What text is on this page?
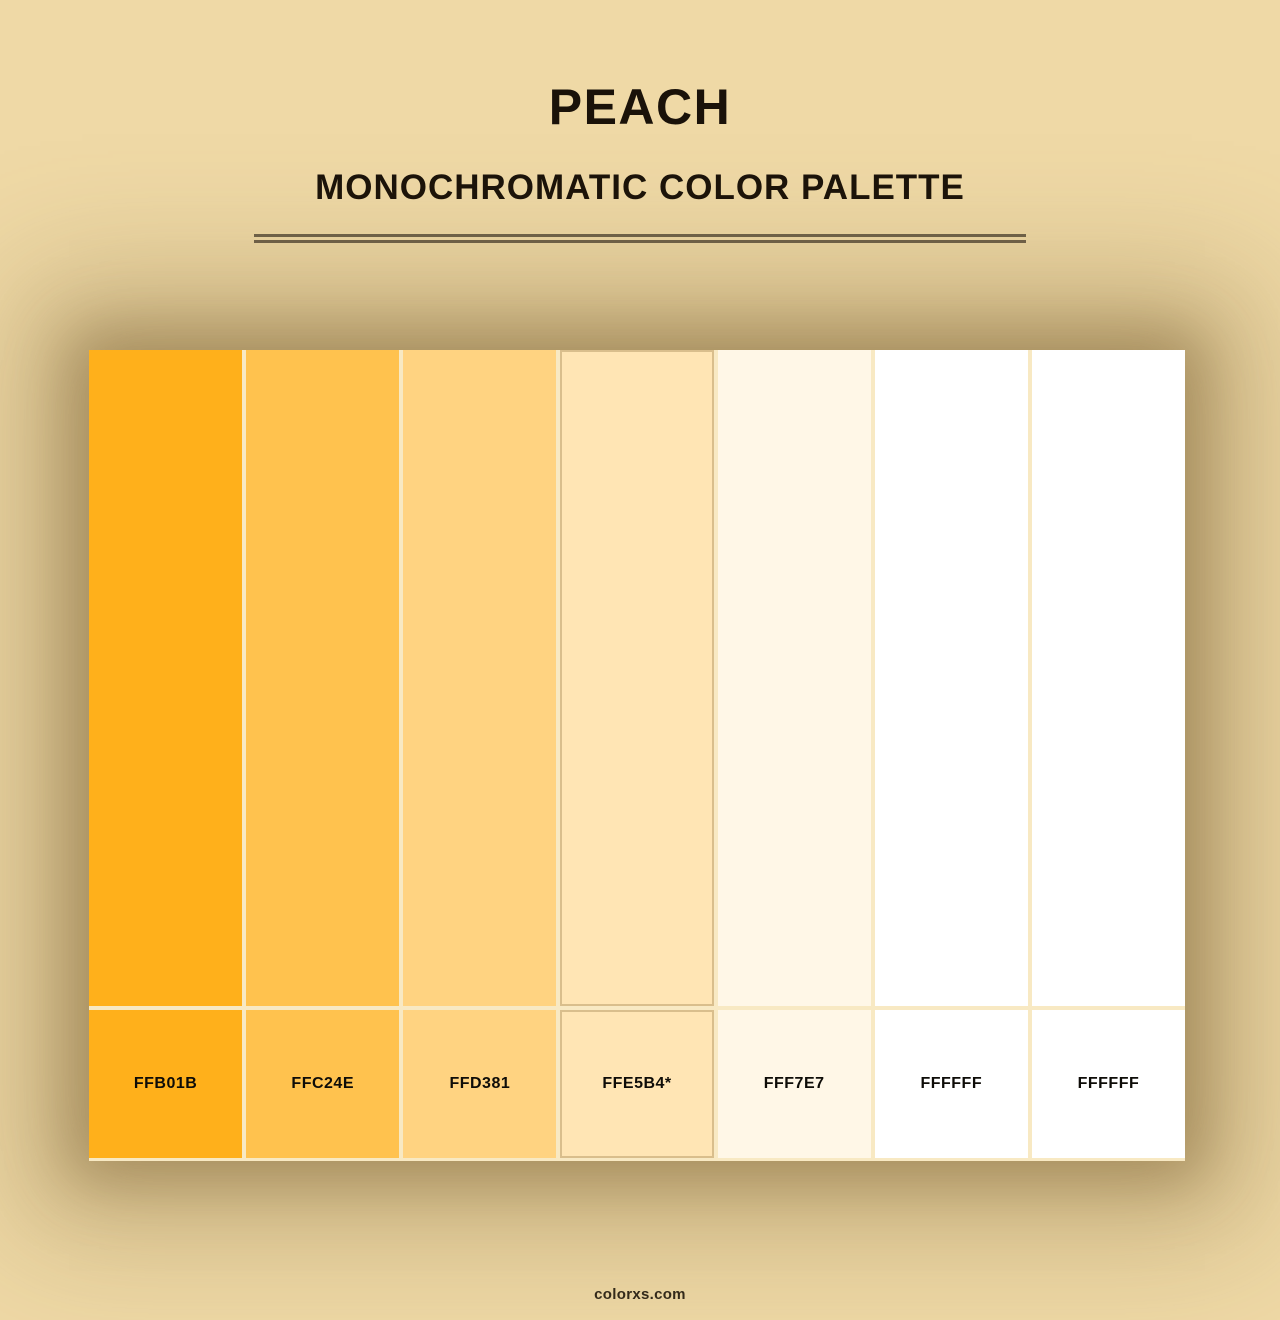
PEACH
MONOCHROMATIC COLOR PALETTE
FFB01B	FFC24E	FFD381	FFE5B4*	FFF7E7	FFFFFF	FFFFFF
colorxs.com
